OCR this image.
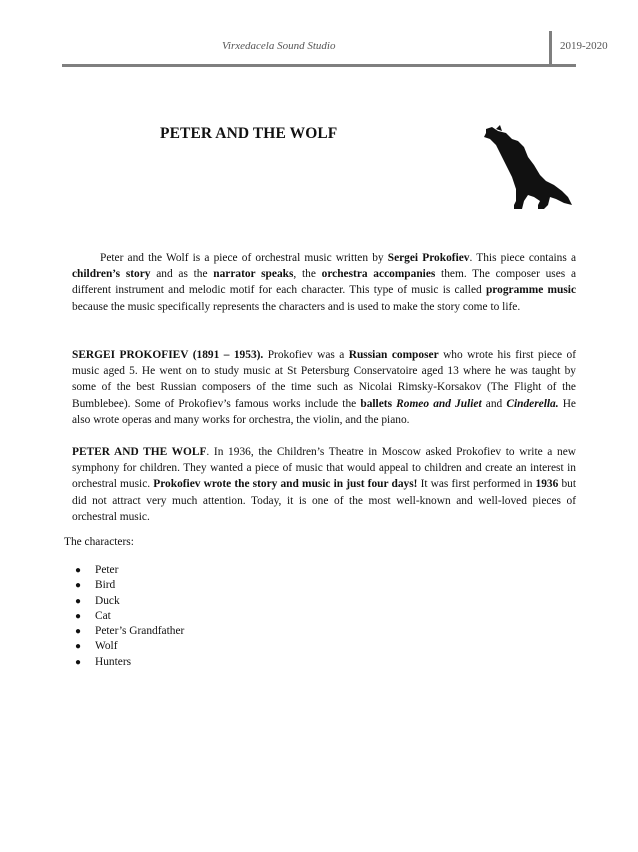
Virxedacela Sound Studio	2019-2020
PETER AND THE WOLF

Peter and the Wolf is a piece of orchestral music written by Sergei Prokofiev. This piece contains a children’s story and as the narrator speaks, the orchestra accompanies them. The composer uses a different instrument and melodic motif for each character. This type of music is called programme music because the music specifically represents the characters and is used to make the story come to life.

SERGEI PROKOFIEV (1891 – 1953). Prokofiev was a Russian composer who wrote his first piece of music aged 5. He went on to study music at St Petersburg Conservatoire aged 13 where he was taught by some of the best Russian composers of the time such as Nicolai Rimsky-Korsakov (The Flight of the Bumblebee). Some of Prokofiev’s famous works include the ballets Romeo and Juliet and Cinderella. He also wrote operas and many works for orchestra, the violin, and the piano.

PETER AND THE WOLF. In 1936, the Children’s Theatre in Moscow asked Prokofiev to write a new symphony for children. They wanted a piece of music that would appeal to children and create an interest in orchestral music. Prokofiev wrote the story and music in just four days! It was first performed in 1936 but did not attract very much attention. Today, it is one of the most well-known and well-loved pieces of orchestral music.

The characters:
● Peter
● Bird
● Duck
● Cat
● Peter’s Grandfather
● Wolf
● Hunters
